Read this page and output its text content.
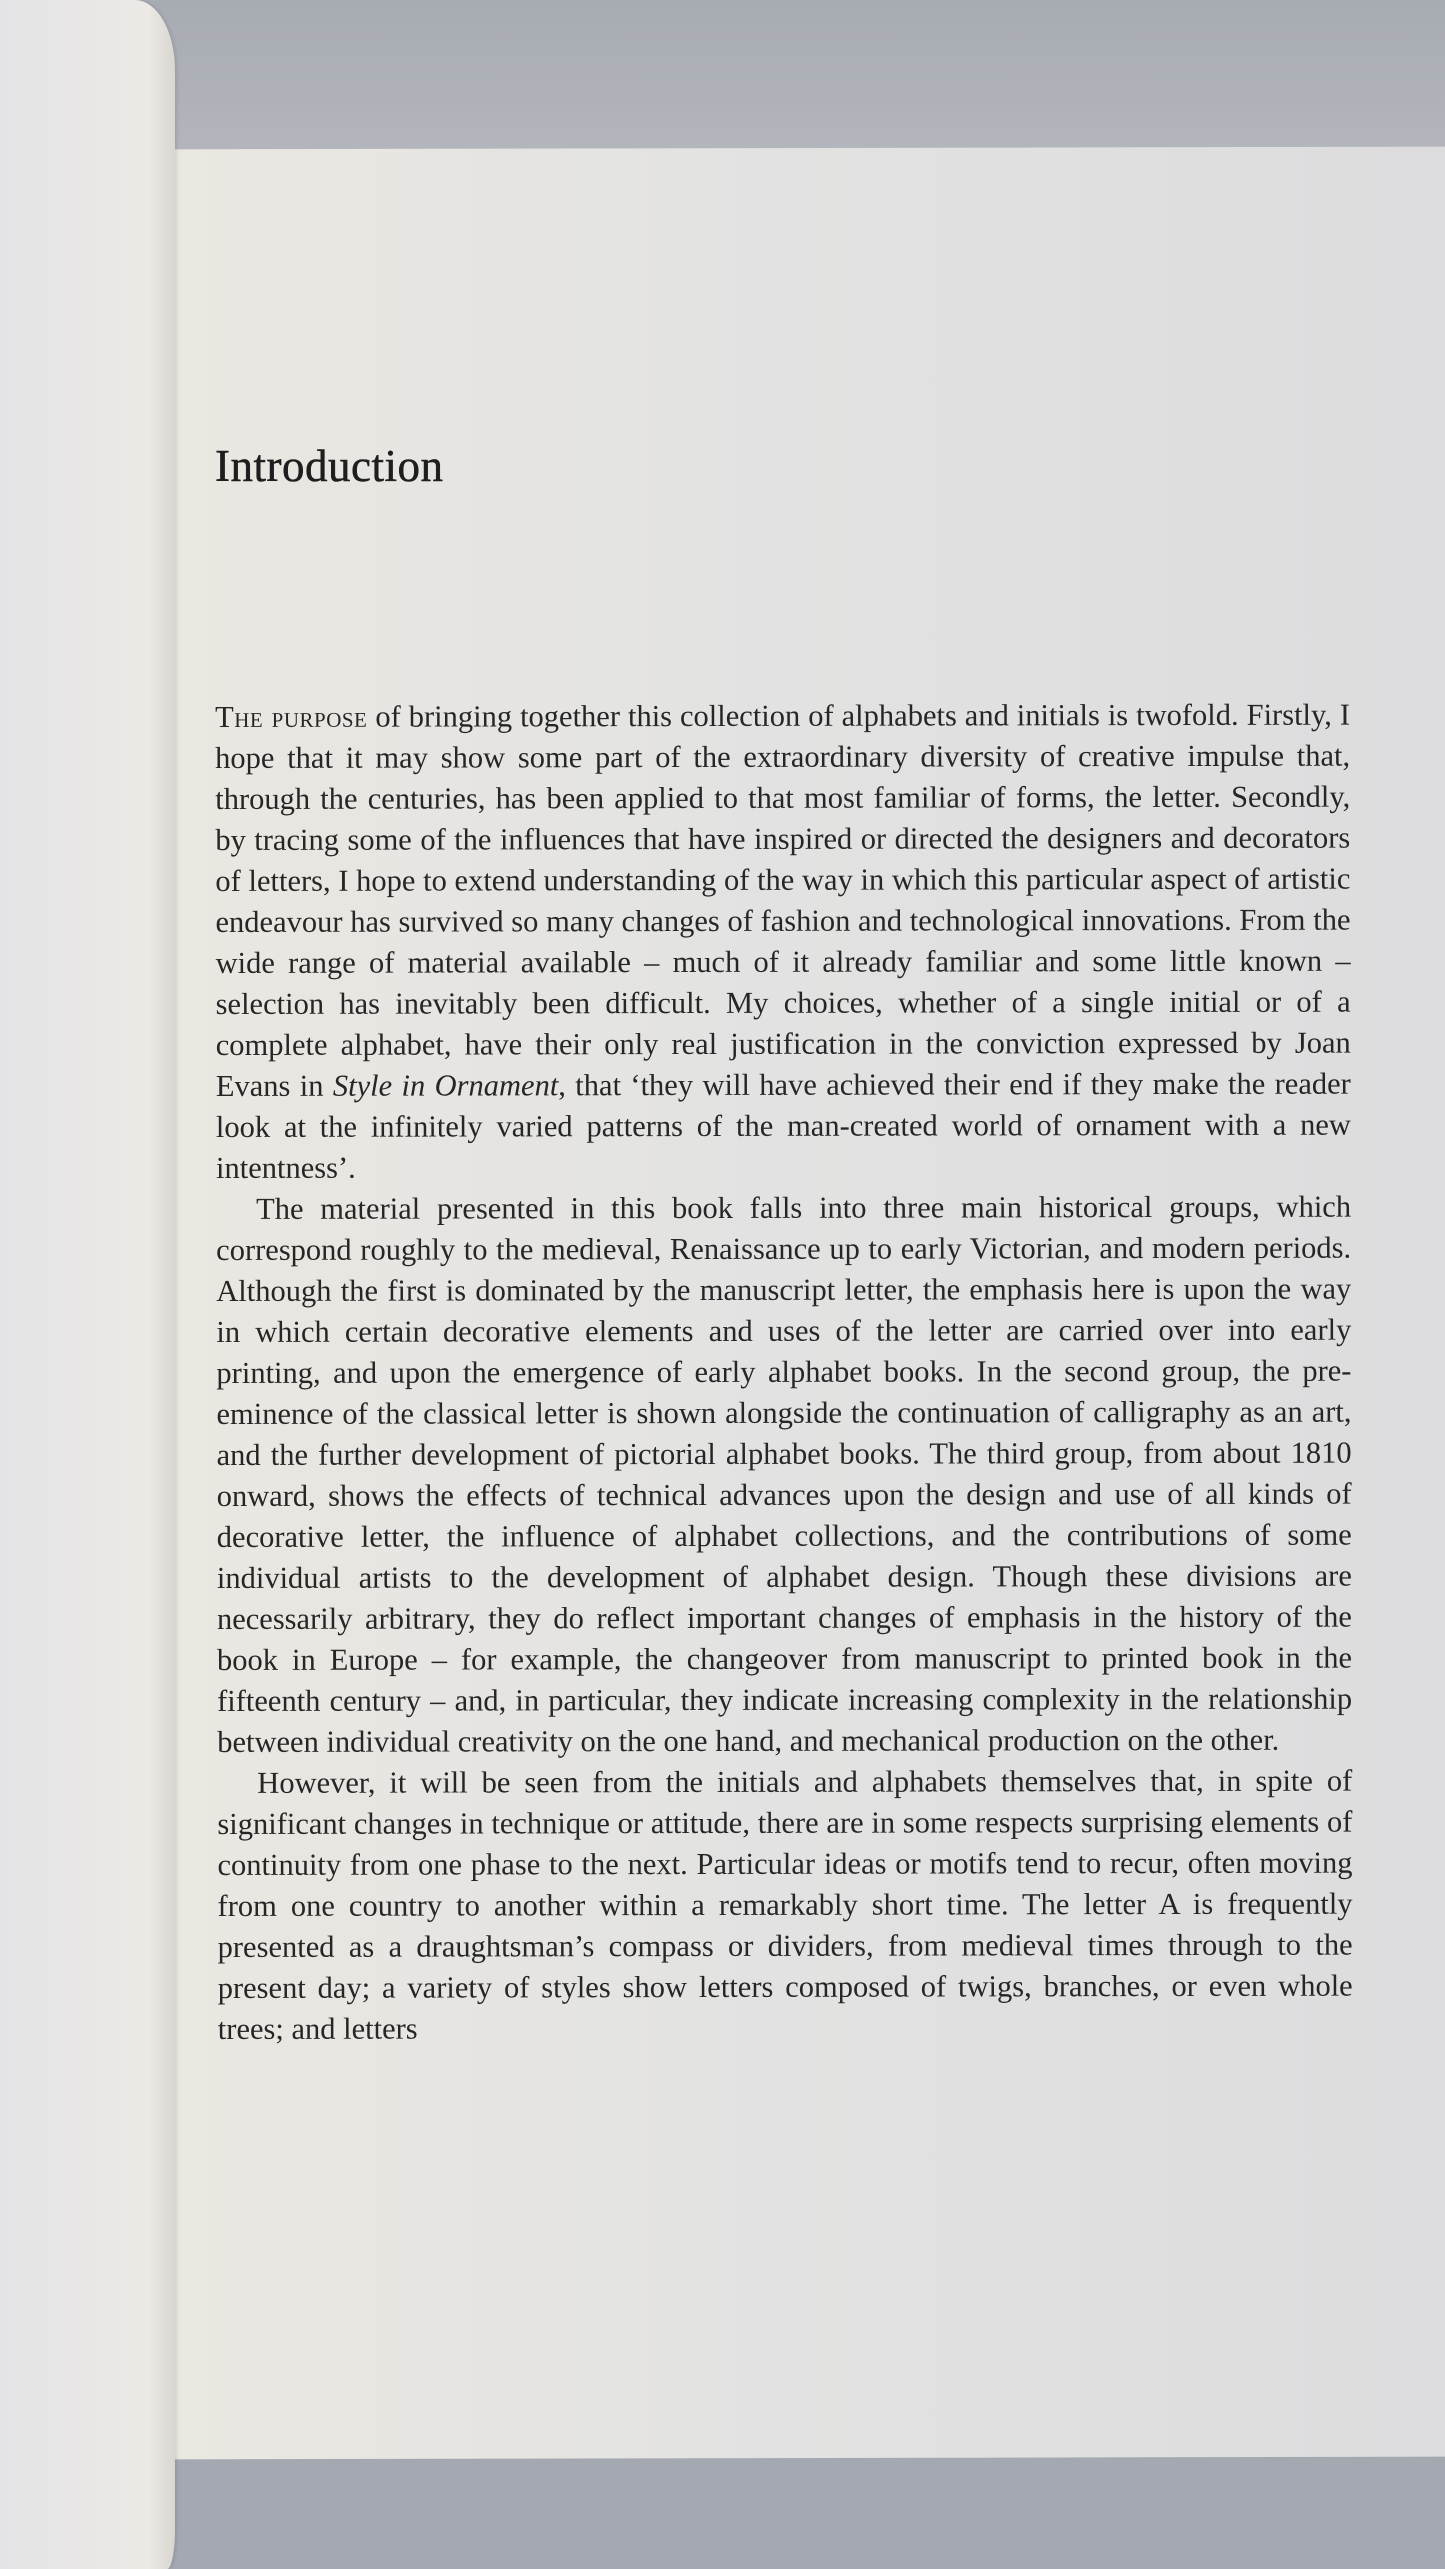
Introduction

The purpose of bringing together this collection of alphabets and initials is twofold. Firstly, I hope that it may show some part of the extraordinary diversity of creative impulse that, through the centuries, has been applied to that most familiar of forms, the letter. Secondly, by tracing some of the influences that have inspired or directed the designers and decorators of letters, I hope to extend understanding of the way in which this particular aspect of artistic endeavour has survived so many changes of fashion and technological innovations. From the wide range of material available – much of it already familiar and some little known – selection has inevitably been difficult. My choices, whether of a single initial or of a complete alphabet, have their only real justification in the conviction expressed by Joan Evans in Style in Ornament, that ‘they will have achieved their end if they make the reader look at the infinitely varied patterns of the man-created world of ornament with a new intentness’.

The material presented in this book falls into three main historical groups, which correspond roughly to the medieval, Renaissance up to early Victorian, and modern periods. Although the first is dominated by the manuscript letter, the emphasis here is upon the way in which certain decorative elements and uses of the letter are carried over into early printing, and upon the emergence of early alphabet books. In the second group, the pre-eminence of the classical letter is shown alongside the continuation of calligraphy as an art, and the further development of pictorial alphabet books. The third group, from about 1810 onward, shows the effects of technical advances upon the design and use of all kinds of decorative letter, the influence of alphabet collections, and the contributions of some individual artists to the development of alphabet design. Though these divisions are necessarily arbitrary, they do reflect important changes of emphasis in the history of the book in Europe – for example, the changeover from manuscript to printed book in the fifteenth century – and, in particular, they indicate increasing complexity in the relationship between individual creativity on the one hand, and mechanical production on the other.

However, it will be seen from the initials and alphabets themselves that, in spite of significant changes in technique or attitude, there are in some respects surprising elements of continuity from one phase to the next. Particular ideas or motifs tend to recur, often moving from one country to another within a remarkably short time. The letter A is frequently presented as a draughtsman’s compass or dividers, from medieval times through to the present day; a variety of styles show letters composed of twigs, branches, or even whole trees; and letters
